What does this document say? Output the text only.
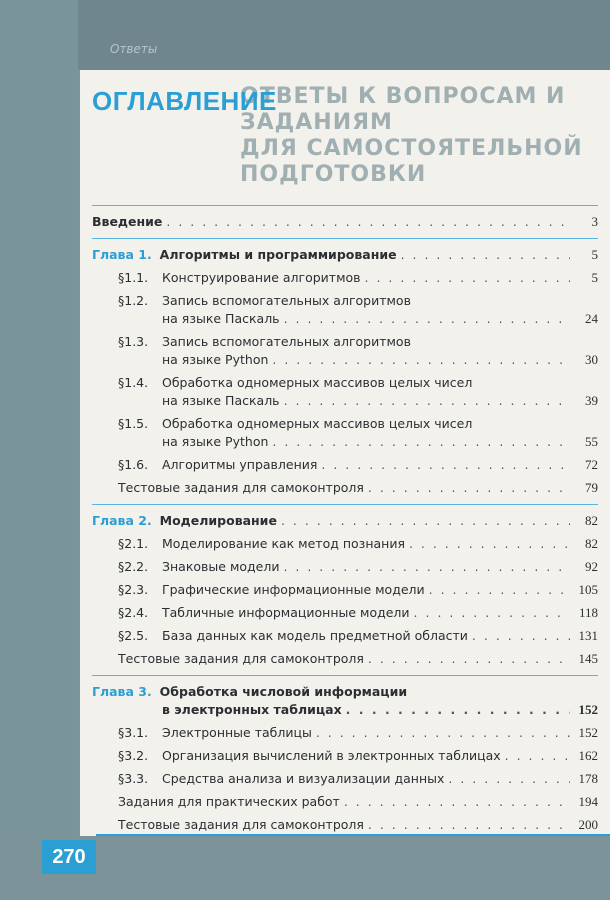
Ответы
ОТВЕТЫ К ВОПРОСАМ И ЗАДАНИЯМ
ДЛЯ САМОСТОЯТЕЛЬНОЙ ПОДГОТОВКИ
ОГЛАВЛЕНИЕ
Введение . . .	3
Глава 1. Алгоритмы и программирование . . .	5
§1.1. Конструирование алгоритмов . . .	5
§1.2. Запись вспомогательных алгоритмов
на языке Паскаль . . .	24
§1.3. Запись вспомогательных алгоритмов
на языке Python . . .	30
§1.4. Обработка одномерных массивов целых чисел
на языке Паскаль . . .	39
§1.5. Обработка одномерных массивов целых чисел
на языке Python . . .	55
§1.6. Алгоритмы управления . . .	72
Тестовые задания для самоконтроля . . .	79
Глава 2. Моделирование . . .	82
§2.1. Моделирование как метод познания . . .	82
§2.2. Знаковые модели . . .	92
§2.3. Графические информационные модели . . .	105
§2.4. Табличные информационные модели . . .	118
§2.5. База данных как модель предметной области . . .	131
Тестовые задания для самоконтроля . . .	145
Глава 3. Обработка числовой информации
в электронных таблицах . . .	152
§3.1. Электронные таблицы . . .	152
§3.2. Организация вычислений в электронных таблицах . . .	162
§3.3. Средства анализа и визуализации данных . . .	178
Задания для практических работ . . .	194
Тестовые задания для самоконтроля . . .	200
270
